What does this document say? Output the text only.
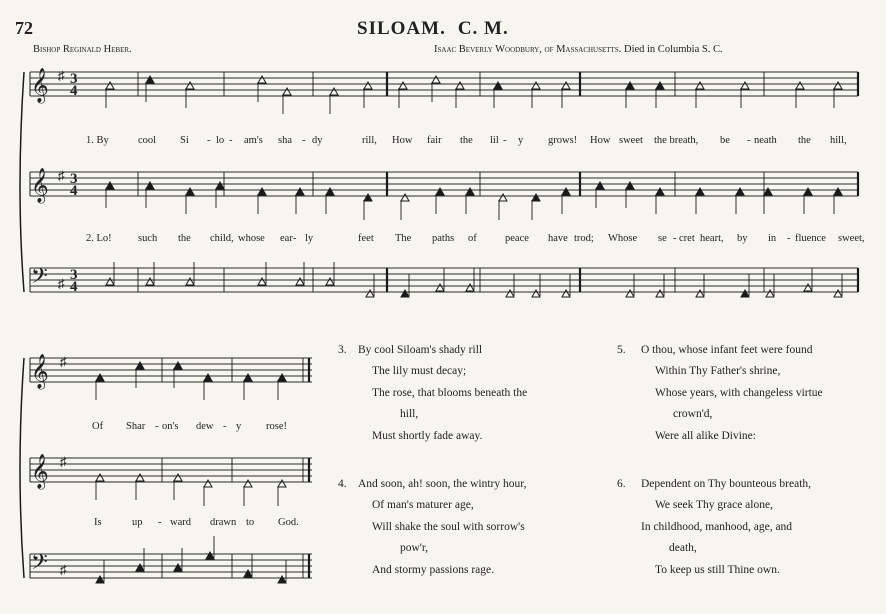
72	SILOAM. C. M.
Bishop Reginald Heber.	Isaac Beverly Woodbury, of Massachusetts. Died in Columbia S. C.
𝄞
𝄞
𝄢
♯ 3
4
♯ 3
4
♯
3
4
1. By	cool Si - lo - am's sha - dy	rill, How fair the lil - y grows! How sweet the breath, be - neath the hill,
2. Lo!	such the child, whose ear - ly	feet The paths of	peace have trod; Whose se - cret heart, by in - fluence sweet,
𝄞
𝄞
𝄢
♯
♯
♯
Of Shar - on's dew - y rose!
Is	up - ward drawn to God.
3. By cool Siloam's shady rill
The lily must decay;
The rose, that blooms beneath the
hill,
Must shortly fade away.
4. And soon, ah! soon, the wintry hour,
Of man's maturer age,
Will shake the soul with sorrow's
pow'r,
And stormy passions rage.
5. O thou, whose infant feet were found
Within Thy Father's shrine,
Whose years, with changeless virtue
crown'd,
Were all alike Divine:
6. Dependent on Thy bounteous breath,
We seek Thy grace alone,
In childhood, manhood, age, and
death,
To keep us still Thine own.
